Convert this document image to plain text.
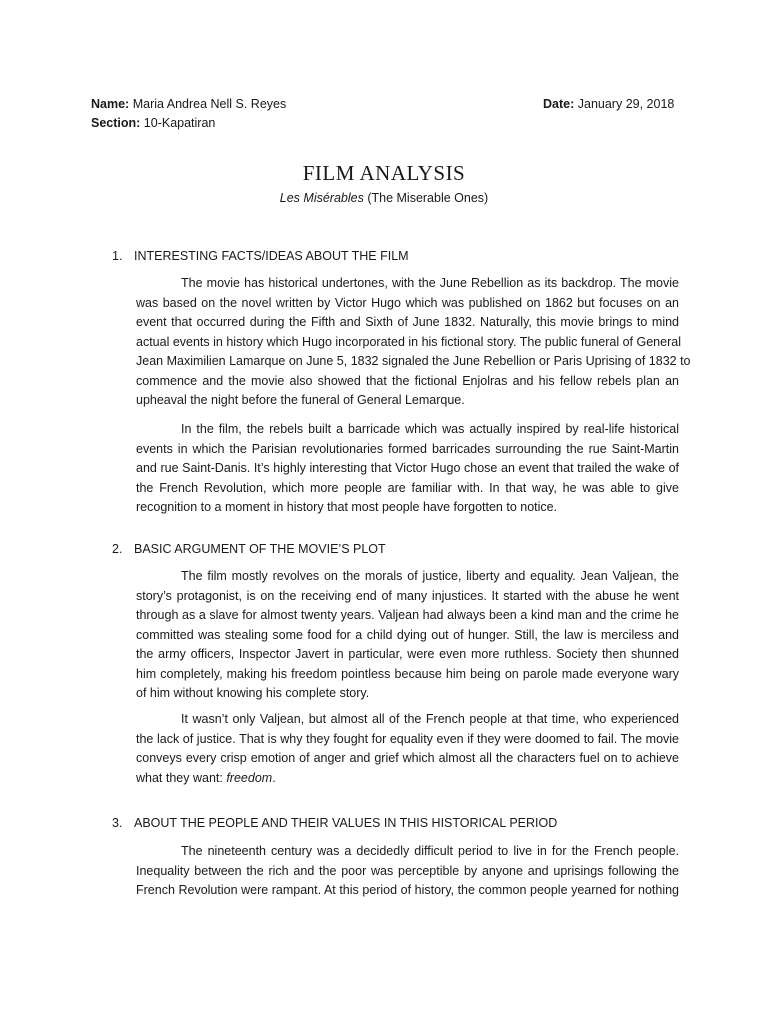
Name: Maria Andrea Nell S. Reyes
Section: 10-Kapatiran
Date: January 29, 2018
FILM ANALYSIS
Les Misérables (The Miserable Ones)
1. INTERESTING FACTS/IDEAS ABOUT THE FILM
The movie has historical undertones, with the June Rebellion as its backdrop. The movie
was based on the novel written by Victor Hugo which was published on 1862 but focuses on an
event that occurred during the Fifth and Sixth of June 1832. Naturally, this movie brings to mind
actual events in history which Hugo incorporated in his fictional story. The public funeral of General
Jean Maximilien Lamarque on June 5, 1832 signaled the June Rebellion or Paris Uprising of 1832 to
commence and the movie also showed that the fictional Enjolras and his fellow rebels plan an
upheaval the night before the funeral of General Lemarque.
In the film, the rebels built a barricade which was actually inspired by real-life historical
events in which the Parisian revolutionaries formed barricades surrounding the rue Saint-Martin
and rue Saint-Danis. It’s highly interesting that Victor Hugo chose an event that trailed the wake of
the French Revolution, which more people are familiar with. In that way, he was able to give
recognition to a moment in history that most people have forgotten to notice.
2. BASIC ARGUMENT OF THE MOVIE’S PLOT
The film mostly revolves on the morals of justice, liberty and equality. Jean Valjean, the
story’s protagonist, is on the receiving end of many injustices. It started with the abuse he went
through as a slave for almost twenty years. Valjean had always been a kind man and the crime he
committed was stealing some food for a child dying out of hunger. Still, the law is merciless and
the army officers, Inspector Javert in particular, were even more ruthless. Society then shunned
him completely, making his freedom pointless because him being on parole made everyone wary
of him without knowing his complete story.
It wasn’t only Valjean, but almost all of the French people at that time, who experienced
the lack of justice. That is why they fought for equality even if they were doomed to fail. The movie
conveys every crisp emotion of anger and grief which almost all the characters fuel on to achieve
what they want: freedom.
3. ABOUT THE PEOPLE AND THEIR VALUES IN THIS HISTORICAL PERIOD
The nineteenth century was a decidedly difficult period to live in for the French people.
Inequality between the rich and the poor was perceptible by anyone and uprisings following the
French Revolution were rampant. At this period of history, the common people yearned for nothing
